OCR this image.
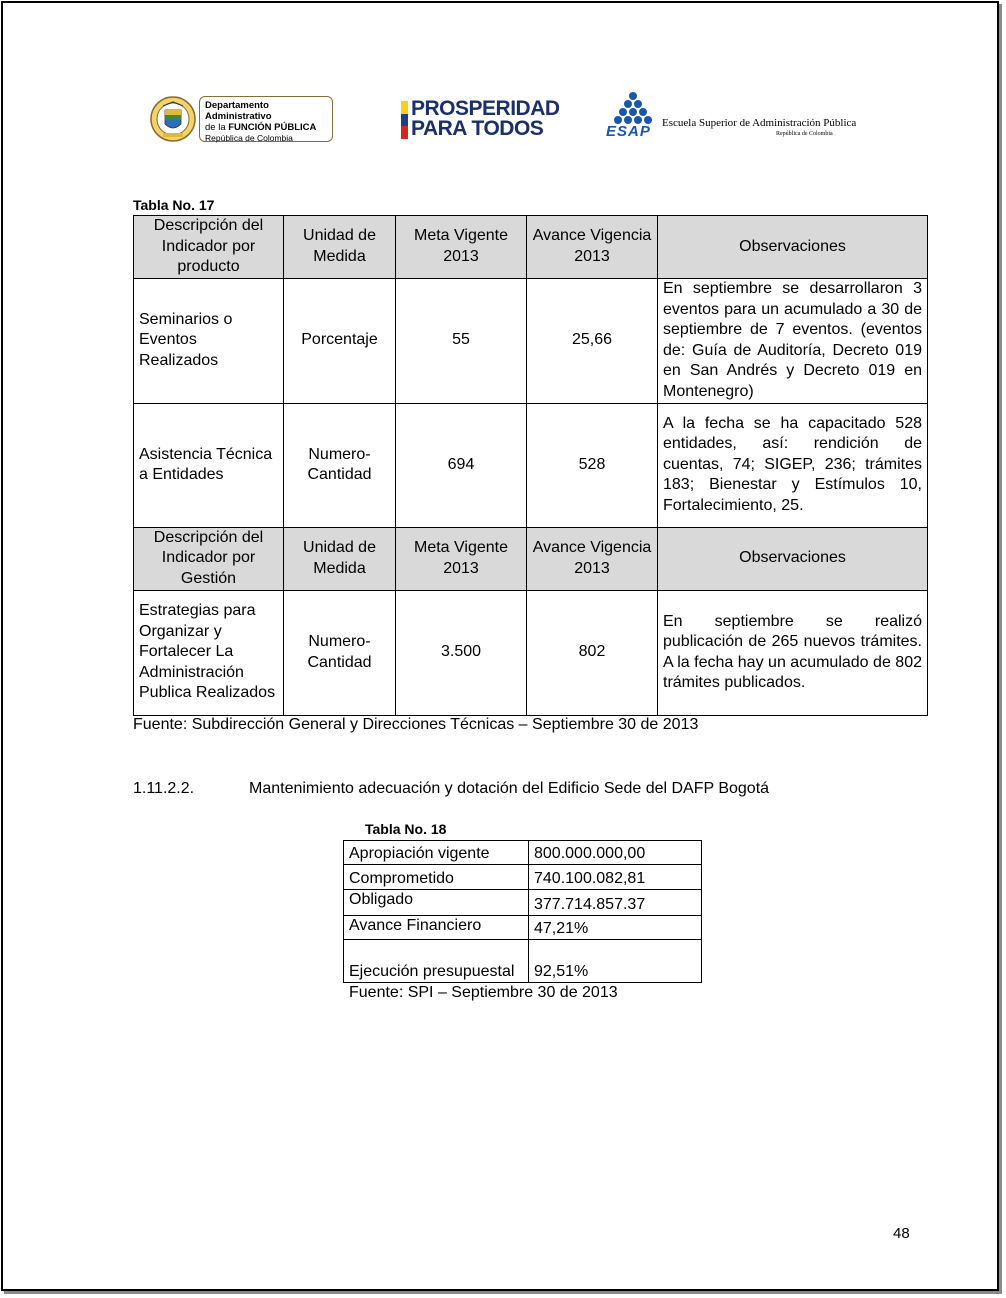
Departamento Administrativo
de la FUNCIÓN PÚBLICA
República de Colombia
PROSPERIDAD
PARA TODOS	ESAP Escuela Superior de Administración Pública
República de Colombia
Tabla No. 17
Descripción del Indicador por producto	Unidad de Medida	Meta Vigente 2013	Avance Vigencia 2013	Observaciones
Seminarios o Eventos Realizados	Porcentaje	55	25,66	En septiembre se desarrollaron 3 eventos para un acumulado a 30 de septiembre de 7 eventos. (eventos de: Guía de Auditoría, Decreto 019 en San Andrés y Decreto 019 en Montenegro)
Asistencia Técnica a Entidades	Numero-Cantidad	694	528	A la fecha se ha capacitado 528 entidades, así: rendición de cuentas, 74; SIGEP, 236; trámites 183; Bienestar y Estímulos 10, Fortalecimiento, 25.
Descripción del Indicador por Gestión	Unidad de Medida	Meta Vigente 2013	Avance Vigencia 2013	Observaciones
Estrategias para Organizar y Fortalecer La Administración Publica Realizados	Numero-Cantidad	3.500	802	En septiembre se realizó publicación de 265 nuevos trámites. A la fecha hay un acumulado de 802 trámites publicados.
Fuente: Subdirección General y Direcciones Técnicas – Septiembre 30 de 2013
1.11.2.2.	Mantenimiento adecuación y dotación del Edificio Sede del DAFP Bogotá
Tabla No. 18
Apropiación vigente	800.000.000,00
Comprometido	740.100.082,81
Obligado	377.714.857.37
Avance Financiero	47,21%
Ejecución presupuestal	92,51%
Fuente: SPI – Septiembre 30 de 2013
48
